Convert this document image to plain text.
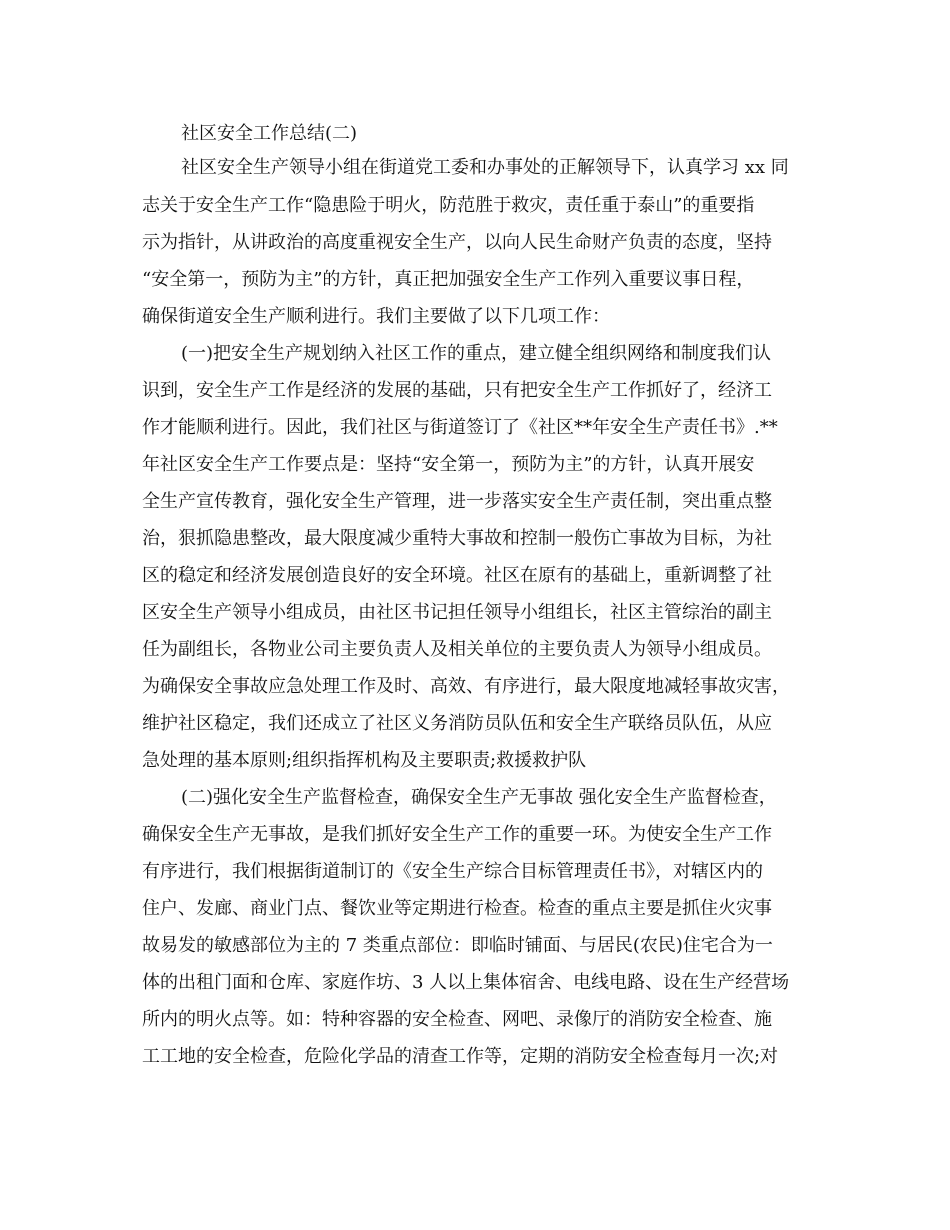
社区安全工作总结(二)
社区安全生产领导小组在街道党工委和办事处的正解领导下，认真学习 xx 同
志关于安全生产工作“隐患险于明火，防范胜于救灾，责任重于泰山”的重要指
示为指针，从讲政治的高度重视安全生产，以向人民生命财产负责的态度，坚持
“安全第一，预防为主”的方针，真正把加强安全生产工作列入重要议事日程，
确保街道安全生产顺利进行。我们主要做了以下几项工作：
(一)把安全生产规划纳入社区工作的重点，建立健全组织网络和制度我们认
识到，安全生产工作是经济的发展的基础，只有把安全生产工作抓好了，经济工
作才能顺利进行。因此，我们社区与街道签订了《社区**年安全生产责任书》.**
年社区安全生产工作要点是：坚持“安全第一，预防为主”的方针，认真开展安
全生产宣传教育，强化安全生产管理，进一步落实安全生产责任制，突出重点整
治，狠抓隐患整改，最大限度减少重特大事故和控制一般伤亡事故为目标，为社
区的稳定和经济发展创造良好的安全环境。社区在原有的基础上，重新调整了社
区安全生产领导小组成员，由社区书记担任领导小组组长，社区主管综治的副主
任为副组长，各物业公司主要负责人及相关单位的主要负责人为领导小组成员。
为确保安全事故应急处理工作及时、高效、有序进行，最大限度地减轻事故灾害，
维护社区稳定，我们还成立了社区义务消防员队伍和安全生产联络员队伍，从应
急处理的基本原则;组织指挥机构及主要职责;救援救护队
(二)强化安全生产监督检查，确保安全生产无事故 强化安全生产监督检查，
确保安全生产无事故，是我们抓好安全生产工作的重要一环。为使安全生产工作
有序进行，我们根据街道制订的《安全生产综合目标管理责任书》，对辖区内的
住户、发廊、商业门点、餐饮业等定期进行检查。检查的重点主要是抓住火灾事
故易发的敏感部位为主的 7 类重点部位：即临时铺面、与居民(农民)住宅合为一
体的出租门面和仓库、家庭作坊、3 人以上集体宿舍、电线电路、设在生产经营场
所内的明火点等。如：特种容器的安全检查、网吧、录像厅的消防安全检查、施
工工地的安全检查，危险化学品的清查工作等，定期的消防安全检查每月一次;对
